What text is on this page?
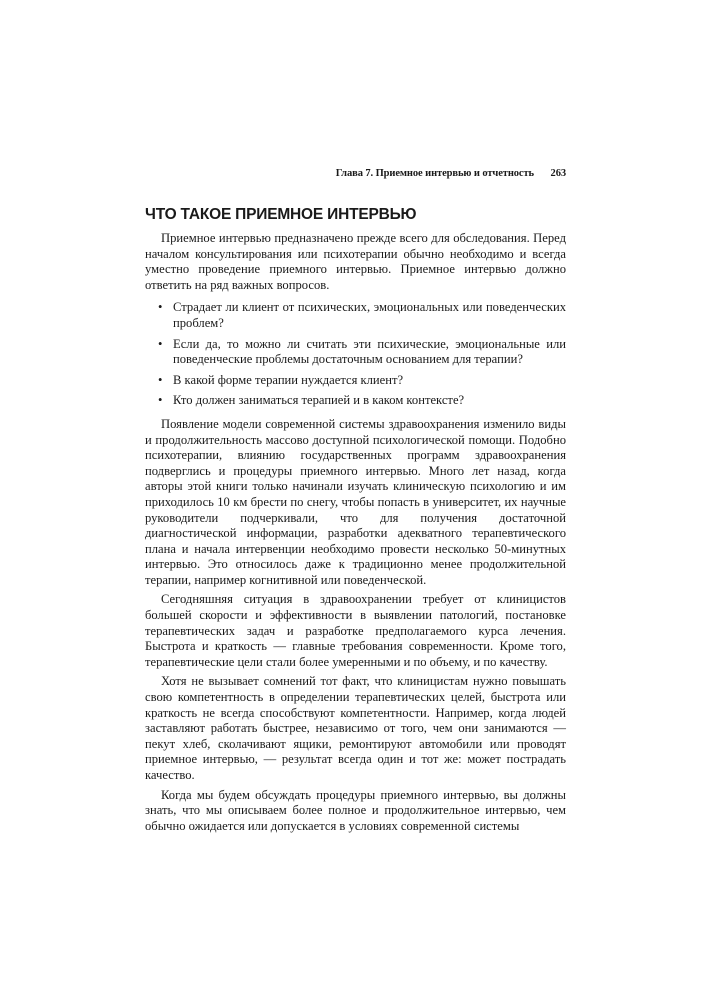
Глава 7. Приемное интервью и отчетность 263
ЧТО ТАКОЕ ПРИЕМНОЕ ИНТЕРВЬЮ

Приемное интервью предназначено прежде всего для обследования. Перед началом консультирования или психотерапии обычно необходимо и всегда уместно проведение приемного интервью. Приемное интервью должно ответить на ряд важных вопросов.

• Страдает ли клиент от психических, эмоциональных или поведенческих проблем?
• Если да, то можно ли считать эти психические, эмоциональные или поведенческие проблемы достаточным основанием для терапии?
• В какой форме терапии нуждается клиент?
• Кто должен заниматься терапией и в каком контексте?

Появление модели современной системы здравоохранения изменило виды и продолжительность массово доступной психологической помощи. Подобно психотерапии, влиянию государственных программ здравоохранения подверглись и процедуры приемного интервью. Много лет назад, когда авторы этой книги только начинали изучать клиническую психологию и им приходилось 10 км брести по снегу, чтобы попасть в университет, их научные руководители подчеркивали, что для получения достаточной диагностической информации, разработки адекватного терапевтического плана и начала интервенции необходимо провести несколько 50-минутных интервью. Это относилось даже к традиционно менее продолжительной терапии, например когнитивной или поведенческой.

Сегодняшняя ситуация в здравоохранении требует от клиницистов большей скорости и эффективности в выявлении патологий, постановке терапевтических задач и разработке предполагаемого курса лечения. Быстрота и краткость — главные требования современности. Кроме того, терапевтические цели стали более умеренными и по объему, и по качеству.

Хотя не вызывает сомнений тот факт, что клиницистам нужно повышать свою компетентность в определении терапевтических целей, быстрота или краткость не всегда способствуют компетентности. Например, когда людей заставляют работать быстрее, независимо от того, чем они занимаются — пекут хлеб, сколачивают ящики, ремонтируют автомобили или проводят приемное интервью, — результат всегда один и тот же: может пострадать качество.

Когда мы будем обсуждать процедуры приемного интервью, вы должны знать, что мы описываем более полное и продолжительное интервью, чем обычно ожидается или допускается в условиях современной системы
